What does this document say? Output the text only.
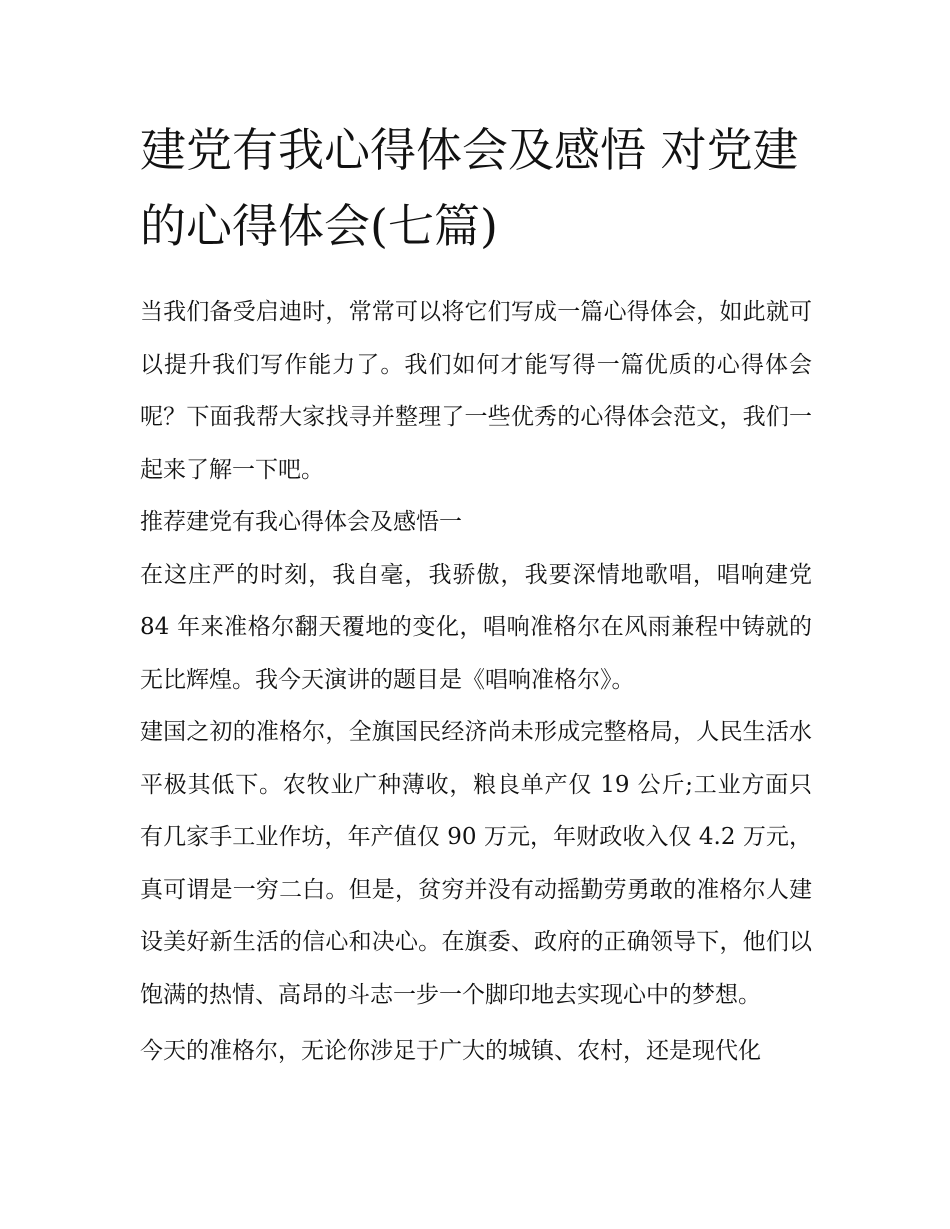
建党有我心得体会及感悟 对党建的心得体会(七篇)

当我们备受启迪时，常常可以将它们写成一篇心得体会，如此就可以提升我们写作能力了。我们如何才能写得一篇优质的心得体会呢？下面我帮大家找寻并整理了一些优秀的心得体会范文，我们一起来了解一下吧。

推荐建党有我心得体会及感悟一

在这庄严的时刻，我自毫，我骄傲，我要深情地歌唱，唱响建党 84 年来准格尔翻天覆地的变化，唱响准格尔在风雨兼程中铸就的无比辉煌。我今天演讲的题目是《唱响准格尔》。

建国之初的准格尔，全旗国民经济尚未形成完整格局，人民生活水平极其低下。农牧业广种薄收，粮良单产仅 19 公斤;工业方面只有几家手工业作坊，年产值仅 90 万元，年财政收入仅 4.2 万元，真可谓是一穷二白。但是，贫穷并没有动摇勤劳勇敢的准格尔人建设美好新生活的信心和决心。在旗委、政府的正确领导下，他们以饱满的热情、高昂的斗志一步一个脚印地去实现心中的梦想。

今天的准格尔，无论你涉足于广大的城镇、农村，还是现代化
